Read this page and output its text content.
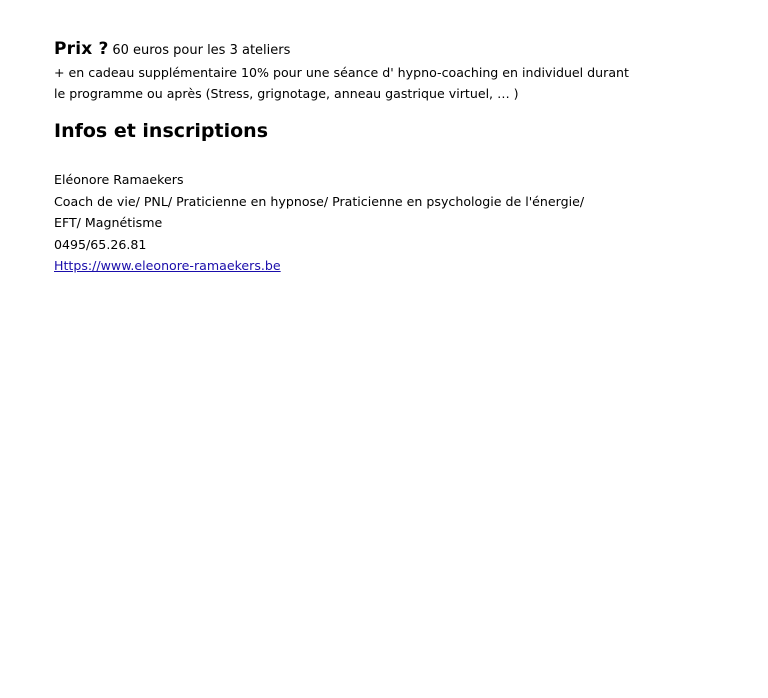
Prix ? 60 euros pour les 3 ateliers

+ en cadeau supplémentaire 10% pour une séance d' hypno-coaching en individuel durant

le programme ou après (Stress, grignotage, anneau gastrique virtuel, … )

Infos et inscriptions

Eléonore Ramaekers

Coach de vie/ PNL/ Praticienne en hypnose/ Praticienne en psychologie de l'énergie/

EFT/ Magnétisme

0495/65.26.81

Https://www.eleonore-ramaekers.be
